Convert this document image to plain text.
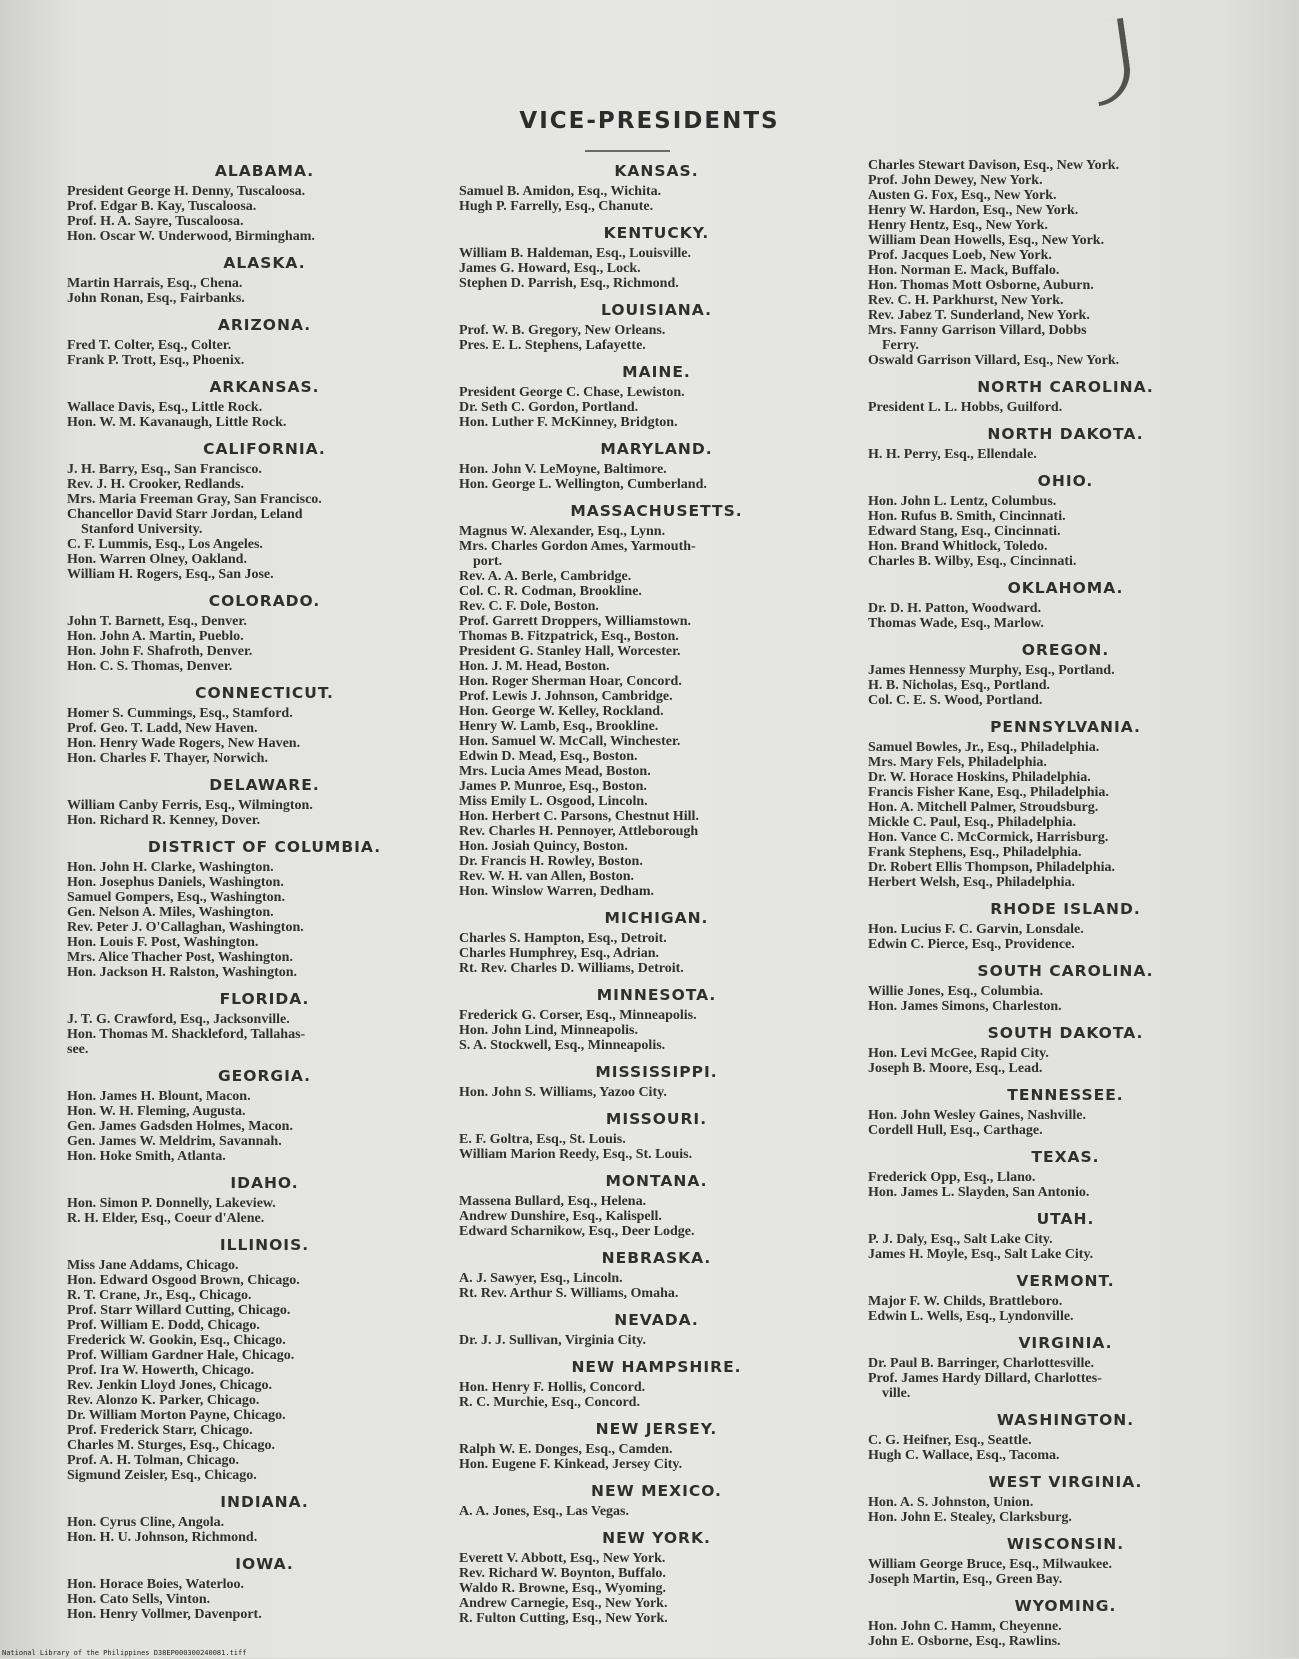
VICE-PRESIDENTS
ALABAMA.
President George H. Denny, Tuscaloosa.
Prof. Edgar B. Kay, Tuscaloosa.
Prof. H. A. Sayre, Tuscaloosa.
Hon. Oscar W. Underwood, Birmingham.
ALASKA.
Martin Harrais, Esq., Chena.
John Ronan, Esq., Fairbanks.
ARIZONA.
Fred T. Colter, Esq., Colter.
Frank P. Trott, Esq., Phoenix.
ARKANSAS.
Wallace Davis, Esq., Little Rock.
Hon. W. M. Kavanaugh, Little Rock.
CALIFORNIA.
J. H. Barry, Esq., San Francisco.
Rev. J. H. Crooker, Redlands.
Mrs. Maria Freeman Gray, San Francisco.
Chancellor David Starr Jordan, Leland
Stanford University.
C. F. Lummis, Esq., Los Angeles.
Hon. Warren Olney, Oakland.
William H. Rogers, Esq., San Jose.
COLORADO.
John T. Barnett, Esq., Denver.
Hon. John A. Martin, Pueblo.
Hon. John F. Shafroth, Denver.
Hon. C. S. Thomas, Denver.
CONNECTICUT.
Homer S. Cummings, Esq., Stamford.
Prof. Geo. T. Ladd, New Haven.
Hon. Henry Wade Rogers, New Haven.
Hon. Charles F. Thayer, Norwich.
DELAWARE.
William Canby Ferris, Esq., Wilmington.
Hon. Richard R. Kenney, Dover.
DISTRICT OF COLUMBIA.
Hon. John H. Clarke, Washington.
Hon. Josephus Daniels, Washington.
Samuel Gompers, Esq., Washington.
Gen. Nelson A. Miles, Washington.
Rev. Peter J. O'Callaghan, Washington.
Hon. Louis F. Post, Washington.
Mrs. Alice Thacher Post, Washington.
Hon. Jackson H. Ralston, Washington.
FLORIDA.
J. T. G. Crawford, Esq., Jacksonville.
Hon. Thomas M. Shackleford, Tallahas-
see.
GEORGIA.
Hon. James H. Blount, Macon.
Hon. W. H. Fleming, Augusta.
Gen. James Gadsden Holmes, Macon.
Gen. James W. Meldrim, Savannah.
Hon. Hoke Smith, Atlanta.
IDAHO.
Hon. Simon P. Donnelly, Lakeview.
R. H. Elder, Esq., Coeur d'Alene.
ILLINOIS.
Miss Jane Addams, Chicago.
Hon. Edward Osgood Brown, Chicago.
R. T. Crane, Jr., Esq., Chicago.
Prof. Starr Willard Cutting, Chicago.
Prof. William E. Dodd, Chicago.
Frederick W. Gookin, Esq., Chicago.
Prof. William Gardner Hale, Chicago.
Prof. Ira W. Howerth, Chicago.
Rev. Jenkin Lloyd Jones, Chicago.
Rev. Alonzo K. Parker, Chicago.
Dr. William Morton Payne, Chicago.
Prof. Frederick Starr, Chicago.
Charles M. Sturges, Esq., Chicago.
Prof. A. H. Tolman, Chicago.
Sigmund Zeisler, Esq., Chicago.
INDIANA.
Hon. Cyrus Cline, Angola.
Hon. H. U. Johnson, Richmond.
IOWA.
Hon. Horace Boies, Waterloo.
Hon. Cato Sells, Vinton.
Hon. Henry Vollmer, Davenport.
KANSAS.
Samuel B. Amidon, Esq., Wichita.
Hugh P. Farrelly, Esq., Chanute.
KENTUCKY.
William B. Haldeman, Esq., Louisville.
James G. Howard, Esq., Lock.
Stephen D. Parrish, Esq., Richmond.
LOUISIANA.
Prof. W. B. Gregory, New Orleans.
Pres. E. L. Stephens, Lafayette.
MAINE.
President George C. Chase, Lewiston.
Dr. Seth C. Gordon, Portland.
Hon. Luther F. McKinney, Bridgton.
MARYLAND.
Hon. John V. LeMoyne, Baltimore.
Hon. George L. Wellington, Cumberland.
MASSACHUSETTS.
Magnus W. Alexander, Esq., Lynn.
Mrs. Charles Gordon Ames, Yarmouth-
port.
Rev. A. A. Berle, Cambridge.
Col. C. R. Codman, Brookline.
Rev. C. F. Dole, Boston.
Prof. Garrett Droppers, Williamstown.
Thomas B. Fitzpatrick, Esq., Boston.
President G. Stanley Hall, Worcester.
Hon. J. M. Head, Boston.
Hon. Roger Sherman Hoar, Concord.
Prof. Lewis J. Johnson, Cambridge.
Hon. George W. Kelley, Rockland.
Henry W. Lamb, Esq., Brookline.
Hon. Samuel W. McCall, Winchester.
Edwin D. Mead, Esq., Boston.
Mrs. Lucia Ames Mead, Boston.
James P. Munroe, Esq., Boston.
Miss Emily L. Osgood, Lincoln.
Hon. Herbert C. Parsons, Chestnut Hill.
Rev. Charles H. Pennoyer, Attleborough
Hon. Josiah Quincy, Boston.
Dr. Francis H. Rowley, Boston.
Rev. W. H. van Allen, Boston.
Hon. Winslow Warren, Dedham.
MICHIGAN.
Charles S. Hampton, Esq., Detroit.
Charles Humphrey, Esq., Adrian.
Rt. Rev. Charles D. Williams, Detroit.
MINNESOTA.
Frederick G. Corser, Esq., Minneapolis.
Hon. John Lind, Minneapolis.
S. A. Stockwell, Esq., Minneapolis.
MISSISSIPPI.
Hon. John S. Williams, Yazoo City.
MISSOURI.
E. F. Goltra, Esq., St. Louis.
William Marion Reedy, Esq., St. Louis.
MONTANA.
Massena Bullard, Esq., Helena.
Andrew Dunshire, Esq., Kalispell.
Edward Scharnikow, Esq., Deer Lodge.
NEBRASKA.
A. J. Sawyer, Esq., Lincoln.
Rt. Rev. Arthur S. Williams, Omaha.
NEVADA.
Dr. J. J. Sullivan, Virginia City.
NEW HAMPSHIRE.
Hon. Henry F. Hollis, Concord.
R. C. Murchie, Esq., Concord.
NEW JERSEY.
Ralph W. E. Donges, Esq., Camden.
Hon. Eugene F. Kinkead, Jersey City.
NEW MEXICO.
A. A. Jones, Esq., Las Vegas.
NEW YORK.
Everett V. Abbott, Esq., New York.
Rev. Richard W. Boynton, Buffalo.
Waldo R. Browne, Esq., Wyoming.
Andrew Carnegie, Esq., New York.
R. Fulton Cutting, Esq., New York.
Charles Stewart Davison, Esq., New York.
Prof. John Dewey, New York.
Austen G. Fox, Esq., New York.
Henry W. Hardon, Esq., New York.
Henry Hentz, Esq., New York.
William Dean Howells, Esq., New York.
Prof. Jacques Loeb, New York.
Hon. Norman E. Mack, Buffalo.
Hon. Thomas Mott Osborne, Auburn.
Rev. C. H. Parkhurst, New York.
Rev. Jabez T. Sunderland, New York.
Mrs. Fanny Garrison Villard, Dobbs
Ferry.
Oswald Garrison Villard, Esq., New York.
NORTH CAROLINA.
President L. L. Hobbs, Guilford.
NORTH DAKOTA.
H. H. Perry, Esq., Ellendale.
OHIO.
Hon. John L. Lentz, Columbus.
Hon. Rufus B. Smith, Cincinnati.
Edward Stang, Esq., Cincinnati.
Hon. Brand Whitlock, Toledo.
Charles B. Wilby, Esq., Cincinnati.
OKLAHOMA.
Dr. D. H. Patton, Woodward.
Thomas Wade, Esq., Marlow.
OREGON.
James Hennessy Murphy, Esq., Portland.
H. B. Nicholas, Esq., Portland.
Col. C. E. S. Wood, Portland.
PENNSYLVANIA.
Samuel Bowles, Jr., Esq., Philadelphia.
Mrs. Mary Fels, Philadelphia.
Dr. W. Horace Hoskins, Philadelphia.
Francis Fisher Kane, Esq., Philadelphia.
Hon. A. Mitchell Palmer, Stroudsburg.
Mickle C. Paul, Esq., Philadelphia.
Hon. Vance C. McCormick, Harrisburg.
Frank Stephens, Esq., Philadelphia.
Dr. Robert Ellis Thompson, Philadelphia.
Herbert Welsh, Esq., Philadelphia.
RHODE ISLAND.
Hon. Lucius F. C. Garvin, Lonsdale.
Edwin C. Pierce, Esq., Providence.
SOUTH CAROLINA.
Willie Jones, Esq., Columbia.
Hon. James Simons, Charleston.
SOUTH DAKOTA.
Hon. Levi McGee, Rapid City.
Joseph B. Moore, Esq., Lead.
TENNESSEE.
Hon. John Wesley Gaines, Nashville.
Cordell Hull, Esq., Carthage.
TEXAS.
Frederick Opp, Esq., Llano.
Hon. James L. Slayden, San Antonio.
UTAH.
P. J. Daly, Esq., Salt Lake City.
James H. Moyle, Esq., Salt Lake City.
VERMONT.
Major F. W. Childs, Brattleboro.
Edwin L. Wells, Esq., Lyndonville.
VIRGINIA.
Dr. Paul B. Barringer, Charlottesville.
Prof. James Hardy Dillard, Charlottes-
ville.
WASHINGTON.
C. G. Heifner, Esq., Seattle.
Hugh C. Wallace, Esq., Tacoma.
WEST VIRGINIA.
Hon. A. S. Johnston, Union.
Hon. John E. Stealey, Clarksburg.
WISCONSIN.
William George Bruce, Esq., Milwaukee.
Joseph Martin, Esq., Green Bay.
WYOMING.
Hon. John C. Hamm, Cheyenne.
John E. Osborne, Esq., Rawlins.
National Library of the Philippines D38EP000300240081.tiff
